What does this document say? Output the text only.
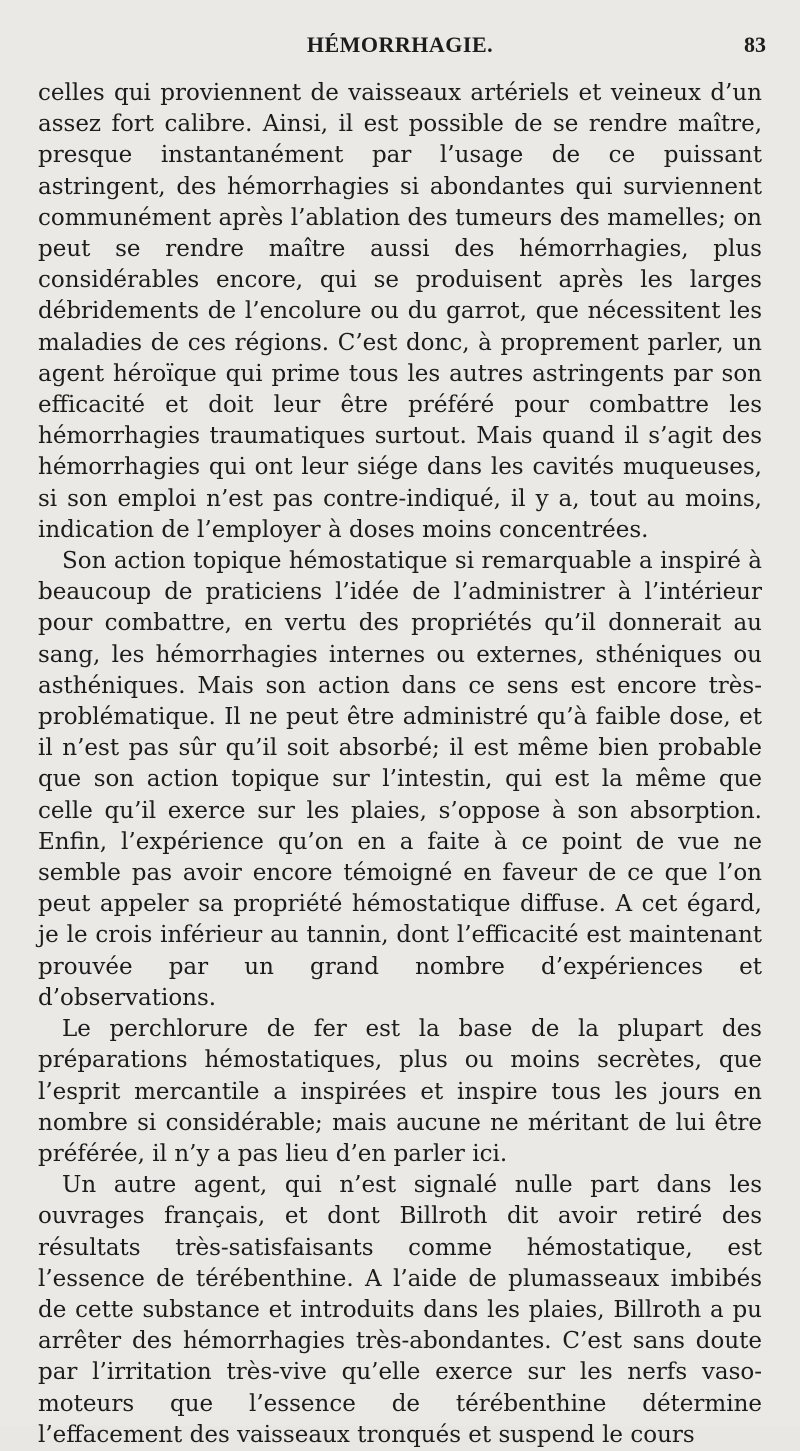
HÉMORRHAGIE.	83

celles qui proviennent de vaisseaux artériels et veineux d’un assez fort calibre. Ainsi, il est possible de se rendre maître, presque instantanément par l’usage de ce puissant astringent, des hémorrhagies si abondantes qui surviennent communément après l’ablation des tumeurs des mamelles; on peut se rendre maître aussi des hémorrhagies, plus considérables encore, qui se produisent après les larges débridements de l’encolure ou du garrot, que nécessitent les maladies de ces régions. C’est donc, à proprement parler, un agent héroïque qui prime tous les autres astringents par son efficacité et doit leur être préféré pour combattre les hémorrhagies traumatiques surtout. Mais quand il s’agit des hémorrhagies qui ont leur siége dans les cavités muqueuses, si son emploi n’est pas contre-indiqué, il y a, tout au moins, indication de l’employer à doses moins concentrées.

Son action topique hémostatique si remarquable a inspiré à beaucoup de praticiens l’idée de l’administrer à l’intérieur pour combattre, en vertu des propriétés qu’il donnerait au sang, les hémorrhagies internes ou externes, sthéniques ou asthéniques. Mais son action dans ce sens est encore très-problématique. Il ne peut être administré qu’à faible dose, et il n’est pas sûr qu’il soit absorbé; il est même bien probable que son action topique sur l’intestin, qui est la même que celle qu’il exerce sur les plaies, s’oppose à son absorption. Enfin, l’expérience qu’on en a faite à ce point de vue ne semble pas avoir encore témoigné en faveur de ce que l’on peut appeler sa propriété hémostatique diffuse. A cet égard, je le crois inférieur au tannin, dont l’efficacité est maintenant prouvée par un grand nombre d’expériences et d’observations.

Le perchlorure de fer est la base de la plupart des préparations hémostatiques, plus ou moins secrètes, que l’esprit mercantile a inspirées et inspire tous les jours en nombre si considérable; mais aucune ne méritant de lui être préférée, il n’y a pas lieu d’en parler ici.

Un autre agent, qui n’est signalé nulle part dans les ouvrages français, et dont Billroth dit avoir retiré des résultats très-satisfaisants comme hémostatique, est l’essence de térébenthine. A l’aide de plumasseaux imbibés de cette substance et introduits dans les plaies, Billroth a pu arrêter des hémorrhagies très-abondantes. C’est sans doute par l’irritation très-vive qu’elle exerce sur les nerfs vaso-moteurs que l’essence de térébenthine détermine l’effacement des vaisseaux tronqués et suspend le cours
